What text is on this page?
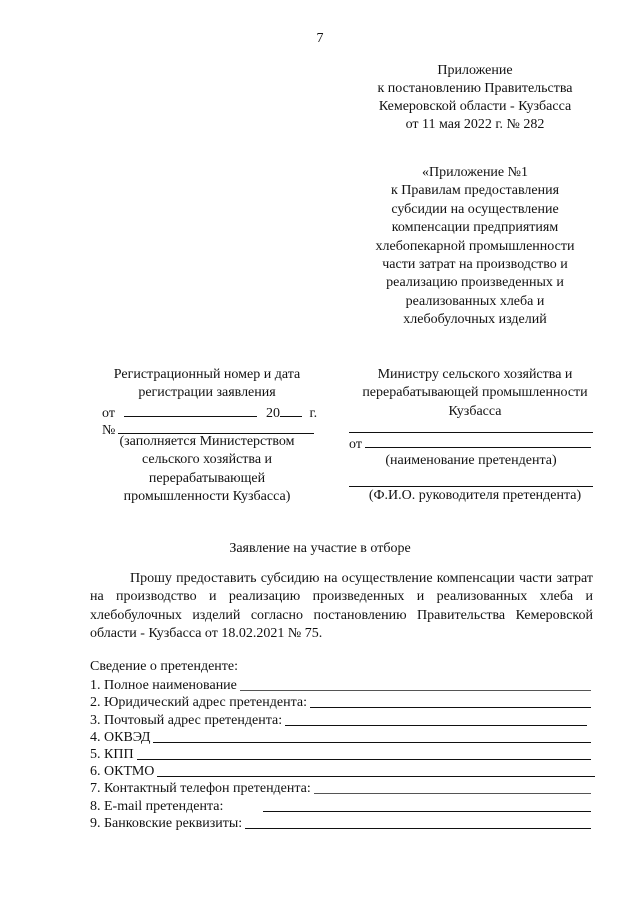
7
Приложение
к постановлению Правительства
Кемеровской области - Кузбасса
от 11 мая 2022 г. № 282
«Приложение №1
к Правилам предоставления
субсидии на осуществление
компенсации предприятиям
хлебопекарной промышленности
части затрат на производство и
реализацию произведенных и
реализованных хлеба и
хлебобулочных изделий
Регистрационный номер и дата
регистрации заявления
от	20 г.
№
(заполняется Министерством
сельского хозяйства и
перерабатывающей
промышленности Кузбасса)
Министру сельского хозяйства и
перерабатывающей промышленности
Кузбасса
от
(наименование претендента)
(Ф.И.О. руководителя претендента)
Заявление на участие в отборе
Прошу предоставить субсидию на осуществление компенсации части затрат на производство и реализацию произведенных и реализованных хлеба и хлебобулочных изделий согласно постановлению Правительства Кемеровской области - Кузбасса от 18.02.2021 № 75.
Сведение о претенденте:
1. Полное наименование
2. Юридический адрес претендента:
3. Почтовый адрес претендента:
4. ОКВЭД
5. КПП
6. ОКТМО
7. Контактный телефон претендента:
8. E-mail претендента:
9. Банковские реквизиты:
